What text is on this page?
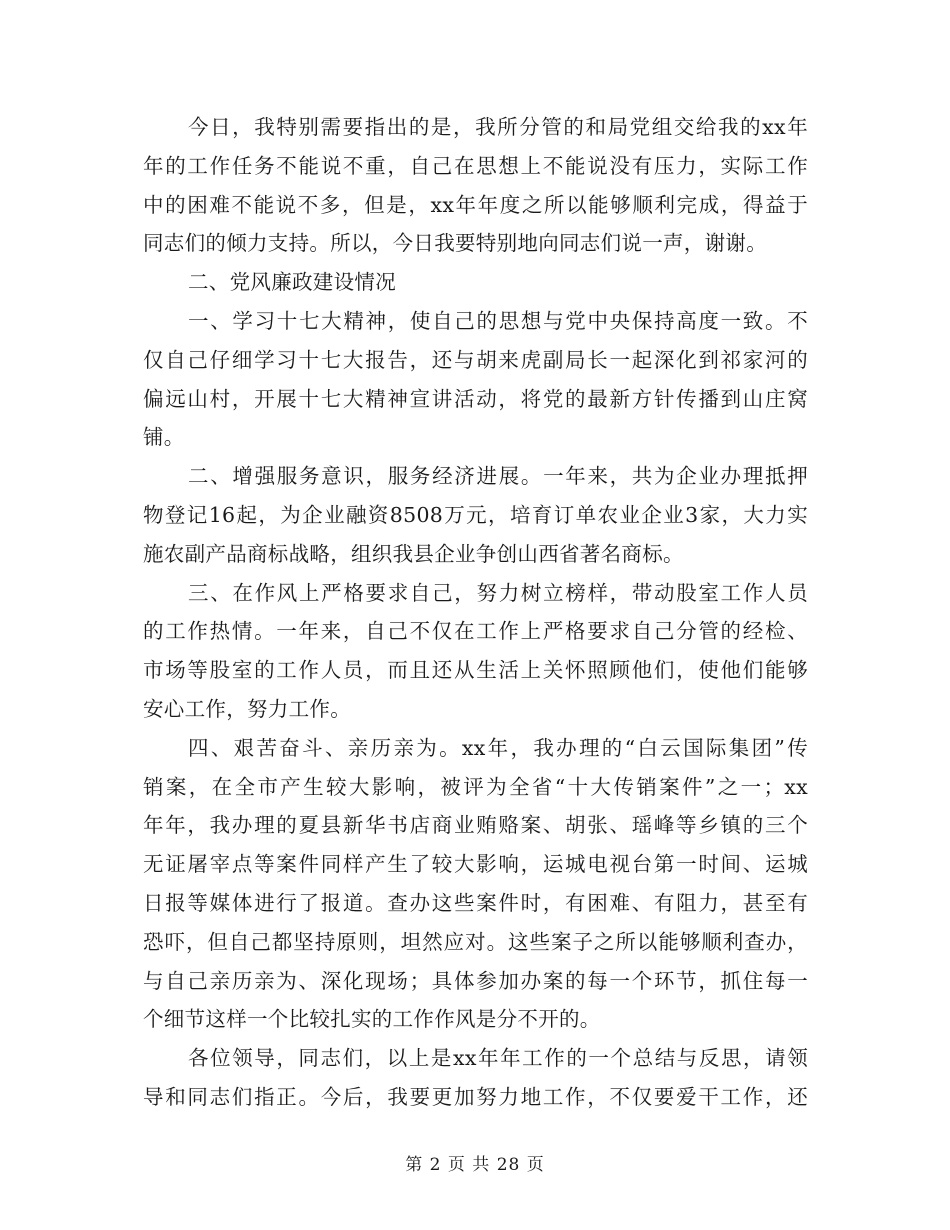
今日，我特别需要指出的是，我所分管的和局党组交给我的xx年
年的工作任务不能说不重，自己在思想上不能说没有压力，实际工作
中的困难不能说不多，但是，xx年年度之所以能够顺利完成，得益于
同志们的倾力支持。所以，今日我要特别地向同志们说一声，谢谢。
二、党风廉政建设情况
一、学习十七大精神，使自己的思想与党中央保持高度一致。不
仅自己仔细学习十七大报告，还与胡来虎副局长一起深化到祁家河的
偏远山村，开展十七大精神宣讲活动，将党的最新方针传播到山庄窝
铺。
二、增强服务意识，服务经济进展。一年来，共为企业办理抵押
物登记16起，为企业融资8508万元，培育订单农业企业3家，大力实
施农副产品商标战略，组织我县企业争创山西省著名商标。
三、在作风上严格要求自己，努力树立榜样，带动股室工作人员
的工作热情。一年来，自己不仅在工作上严格要求自己分管的经检、
市场等股室的工作人员，而且还从生活上关怀照顾他们，使他们能够
安心工作，努力工作。
四、艰苦奋斗、亲历亲为。xx年，我办理的“白云国际集团”传
销案，在全市产生较大影响，被评为全省“十大传销案件”之一；xx
年年，我办理的夏县新华书店商业贿赂案、胡张、瑶峰等乡镇的三个
无证屠宰点等案件同样产生了较大影响，运城电视台第一时间、运城
日报等媒体进行了报道。查办这些案件时，有困难、有阻力，甚至有
恐吓，但自己都坚持原则，坦然应对。这些案子之所以能够顺利查办，
与自己亲历亲为、深化现场；具体参加办案的每一个环节，抓住每一
个细节这样一个比较扎实的工作作风是分不开的。
各位领导，同志们，以上是xx年年工作的一个总结与反思，请领
导和同志们指正。今后，我要更加努力地工作，不仅要爱干工作，还
第 2 页 共 28 页
